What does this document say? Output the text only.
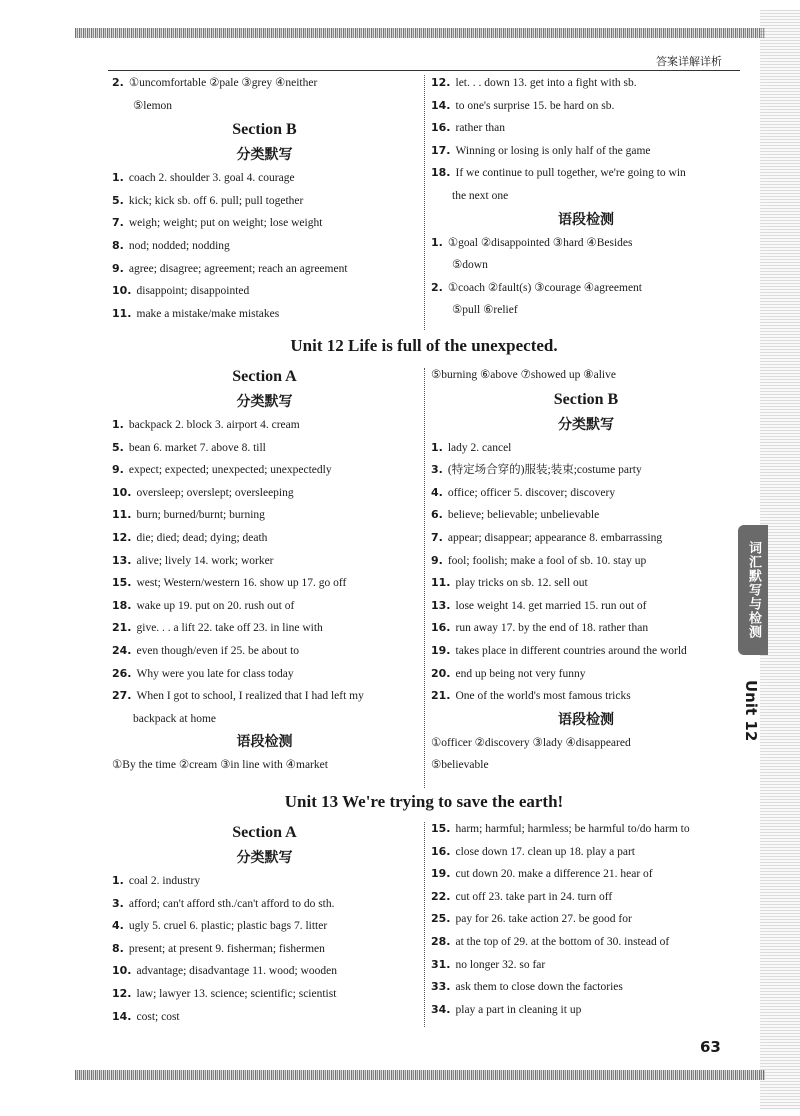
答案详解详析
2. ①uncomfortable ②pale ③grey ④neither
⑤lemon
Section B
分类默写
1. coach 2. shoulder 3. goal 4. courage
5. kick; kick sb. off 6. pull; pull together
7. weigh; weight; put on weight; lose weight
8. nod; nodded; nodding
9. agree; disagree; agreement; reach an agreement
10. disappoint; disappointed
11. make a mistake/make mistakes
12. let. . . down 13. get into a fight with sb.
14. to one's surprise 15. be hard on sb.
16. rather than
17. Winning or losing is only half of the game
18. If we continue to pull together, we're going to win
the next one
语段检测
1. ①goal ②disappointed ③hard ④Besides
⑤down
2. ①coach ②fault(s) ③courage ④agreement
⑤pull ⑥relief
Unit 12 Life is full of the unexpected.
Section A
分类默写
1. backpack 2. block 3. airport 4. cream
5. bean 6. market 7. above 8. till
9. expect; expected; unexpected; unexpectedly
10. oversleep; overslept; oversleeping
11. burn; burned/burnt; burning
12. die; died; dead; dying; death
13. alive; lively 14. work; worker
15. west; Western/western 16. show up 17. go off
18. wake up 19. put on 20. rush out of
21. give. . . a lift 22. take off 23. in line with
24. even though/even if 25. be about to
26. Why were you late for class today
27. When I got to school, I realized that I had left my
backpack at home
语段检测
①By the time ②cream ③in line with ④market
⑤burning ⑥above ⑦showed up ⑧alive
Section B
分类默写
1. lady 2. cancel
3. (特定场合穿的)服装;装束;costume party
4. office; officer 5. discover; discovery
6. believe; believable; unbelievable
7. appear; disappear; appearance 8. embarrassing
9. fool; foolish; make a fool of sb. 10. stay up
11. play tricks on sb. 12. sell out
13. lose weight 14. get married 15. run out of
16. run away 17. by the end of 18. rather than
19. takes place in different countries around the world
20. end up being not very funny
21. One of the world's most famous tricks
语段检测
①officer ②discovery ③lady ④disappeared
⑤believable
Unit 13 We're trying to save the earth!
Section A
分类默写
1. coal 2. industry
3. afford; can't afford sth./can't afford to do sth.
4. ugly 5. cruel 6. plastic; plastic bags 7. litter
8. present; at present 9. fisherman; fishermen
10. advantage; disadvantage 11. wood; wooden
12. law; lawyer 13. science; scientific; scientist
14. cost; cost
15. harm; harmful; harmless; be harmful to/do harm to
16. close down 17. clean up 18. play a part
19. cut down 20. make a difference 21. hear of
22. cut off 23. take part in 24. turn off
25. pay for 26. take action 27. be good for
28. at the top of 29. at the bottom of 30. instead of
31. no longer 32. so far
33. ask them to close down the factories
34. play a part in cleaning it up
词汇默写与检测
Unit 12
63
